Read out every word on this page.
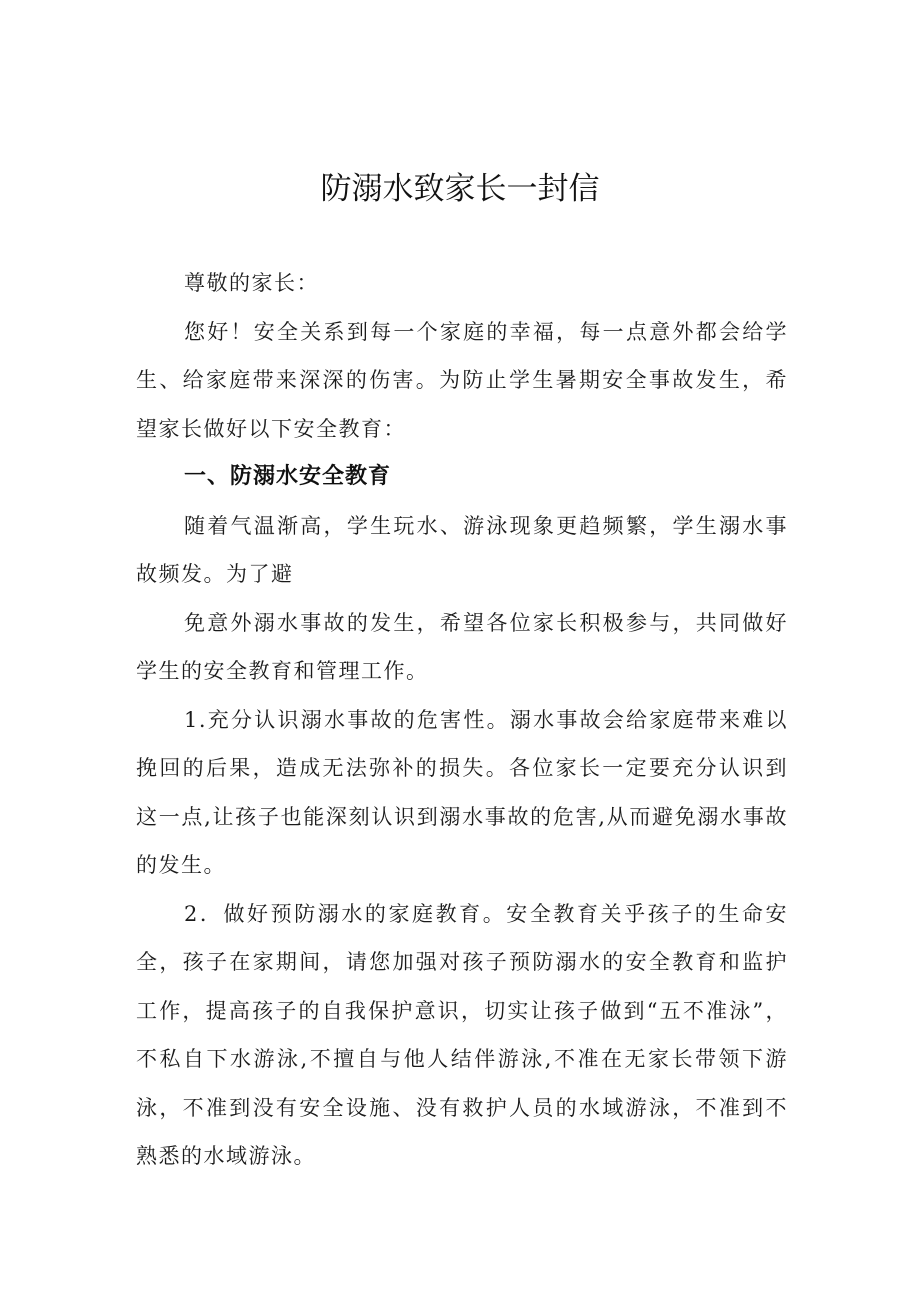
防溺水致家长一封信

尊敬的家长：

您好！安全关系到每一个家庭的幸福，每一点意外都会给学生、给家庭带来深深的伤害。为防止学生暑期安全事故发生，希望家长做好以下安全教育：

一、防溺水安全教育

随着气温渐高，学生玩水、游泳现象更趋频繁，学生溺水事故频发。为了避

免意外溺水事故的发生，希望各位家长积极参与，共同做好学生的安全教育和管理工作。

1.充分认识溺水事故的危害性。溺水事故会给家庭带来难以挽回的后果，造成无法弥补的损失。各位家长一定要充分认识到这一点,让孩子也能深刻认识到溺水事故的危害,从而避免溺水事故的发生。

2．做好预防溺水的家庭教育。安全教育关乎孩子的生命安全，孩子在家期间，请您加强对孩子预防溺水的安全教育和监护工作，提高孩子的自我保护意识，切实让孩子做到“五不准泳”，不私自下水游泳,不擅自与他人结伴游泳,不准在无家长带领下游泳，不准到没有安全设施、没有救护人员的水域游泳，不准到不熟悉的水域游泳。
